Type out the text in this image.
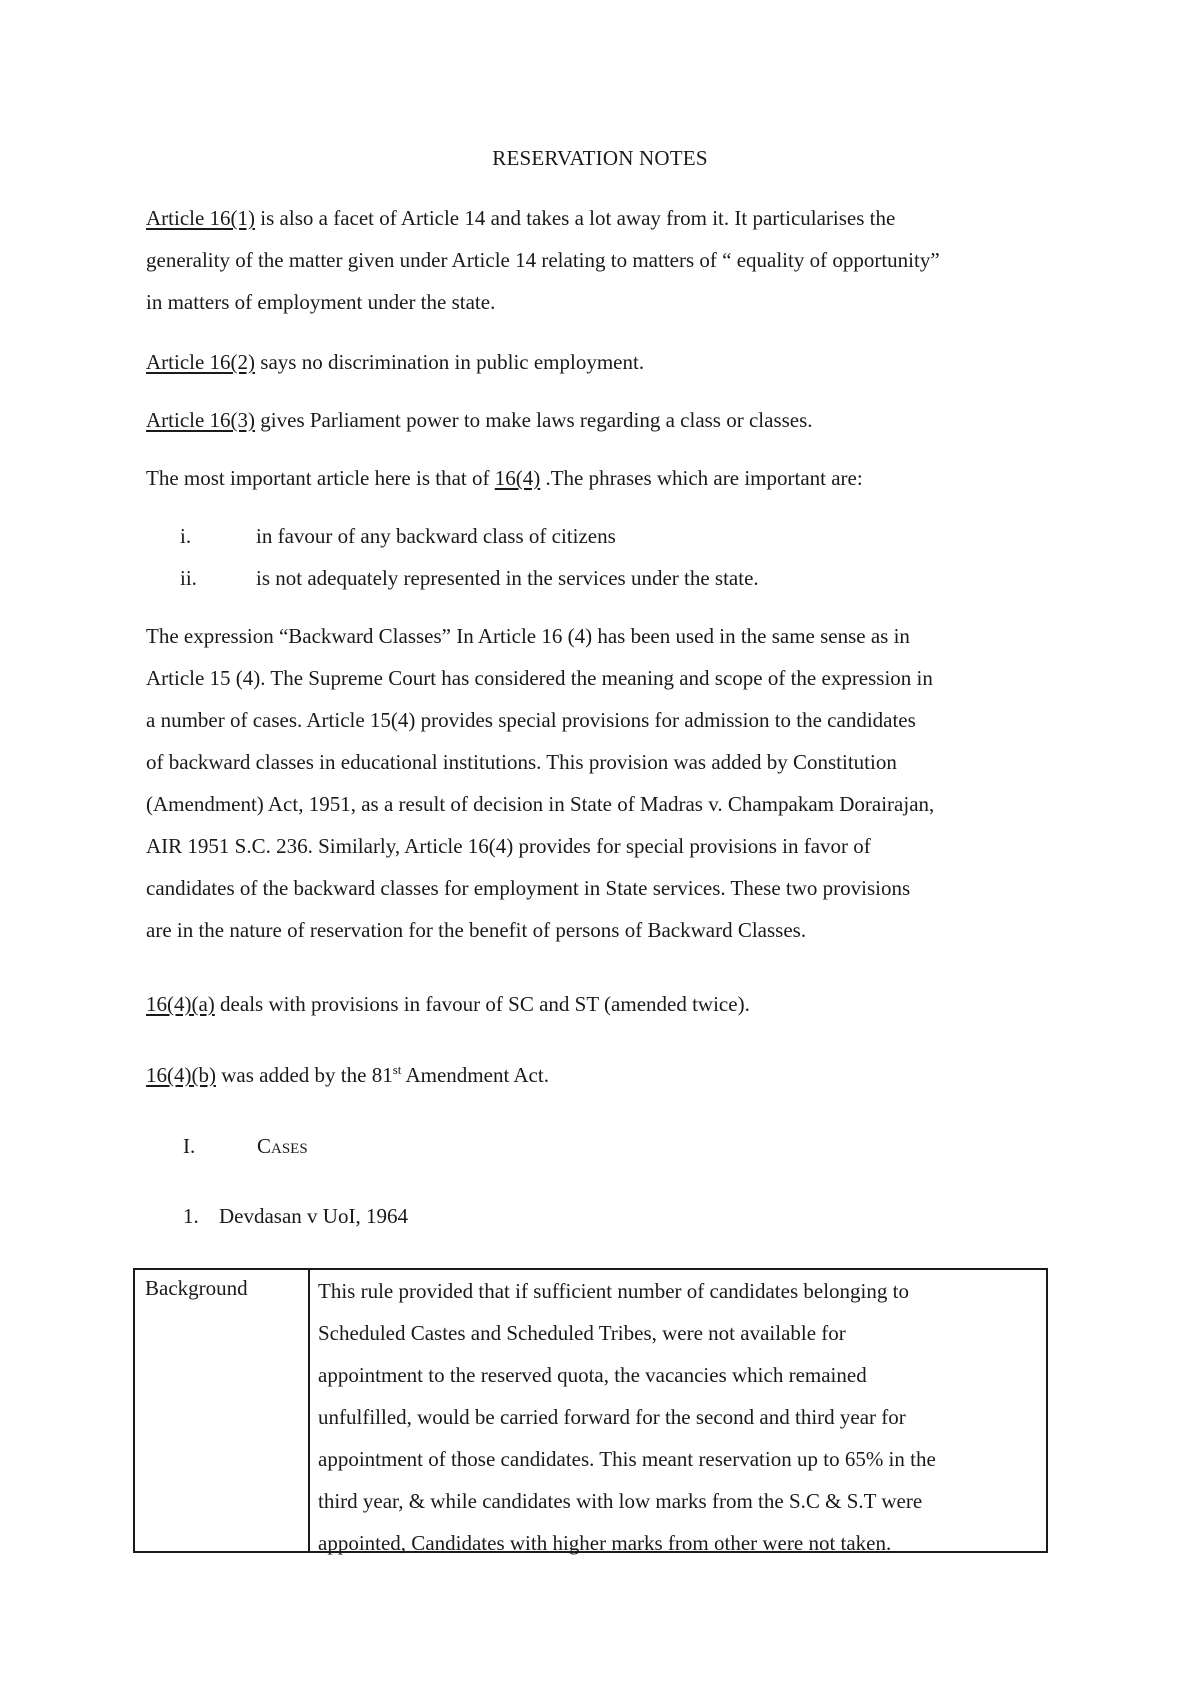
RESERVATION NOTES
Article 16(1) is also a facet of Article 14 and takes a lot away from it. It particularises the
generality of the matter given under Article 14 relating to matters of “ equality of opportunity”
in matters of employment under the state.
Article 16(2) says no discrimination in public employment.
Article 16(3) gives Parliament power to make laws regarding a class or classes.
The most important article here is that of 16(4) .The phrases which are important are:
i.	in favour of any backward class of citizens
ii.	is not adequately represented in the services under the state.
The expression “Backward Classes” In Article 16 (4) has been used in the same sense as in
Article 15 (4). The Supreme Court has considered the meaning and scope of the expression in
a number of cases. Article 15(4) provides special provisions for admission to the candidates
of backward classes in educational institutions. This provision was added by Constitution
(Amendment) Act, 1951, as a result of decision in State of Madras v. Champakam Dorairajan,
AIR 1951 S.C. 236. Similarly, Article 16(4) provides for special provisions in favor of
candidates of the backward classes for employment in State services. These two provisions
are in the nature of reservation for the benefit of persons of Backward Classes.
16(4)(a) deals with provisions in favour of SC and ST (amended twice).
16(4)(b) was added by the 81st Amendment Act.
I.	Cases
1. Devdasan v UoI, 1964
Background	This rule provided that if sufficient number of candidates belonging to
Scheduled Castes and Scheduled Tribes, were not available for
appointment to the reserved quota, the vacancies which remained
unfulfilled, would be carried forward for the second and third year for
appointment of those candidates. This meant reservation up to 65% in the
third year, & while candidates with low marks from the S.C & S.T were
appointed, Candidates with higher marks from other were not taken.
